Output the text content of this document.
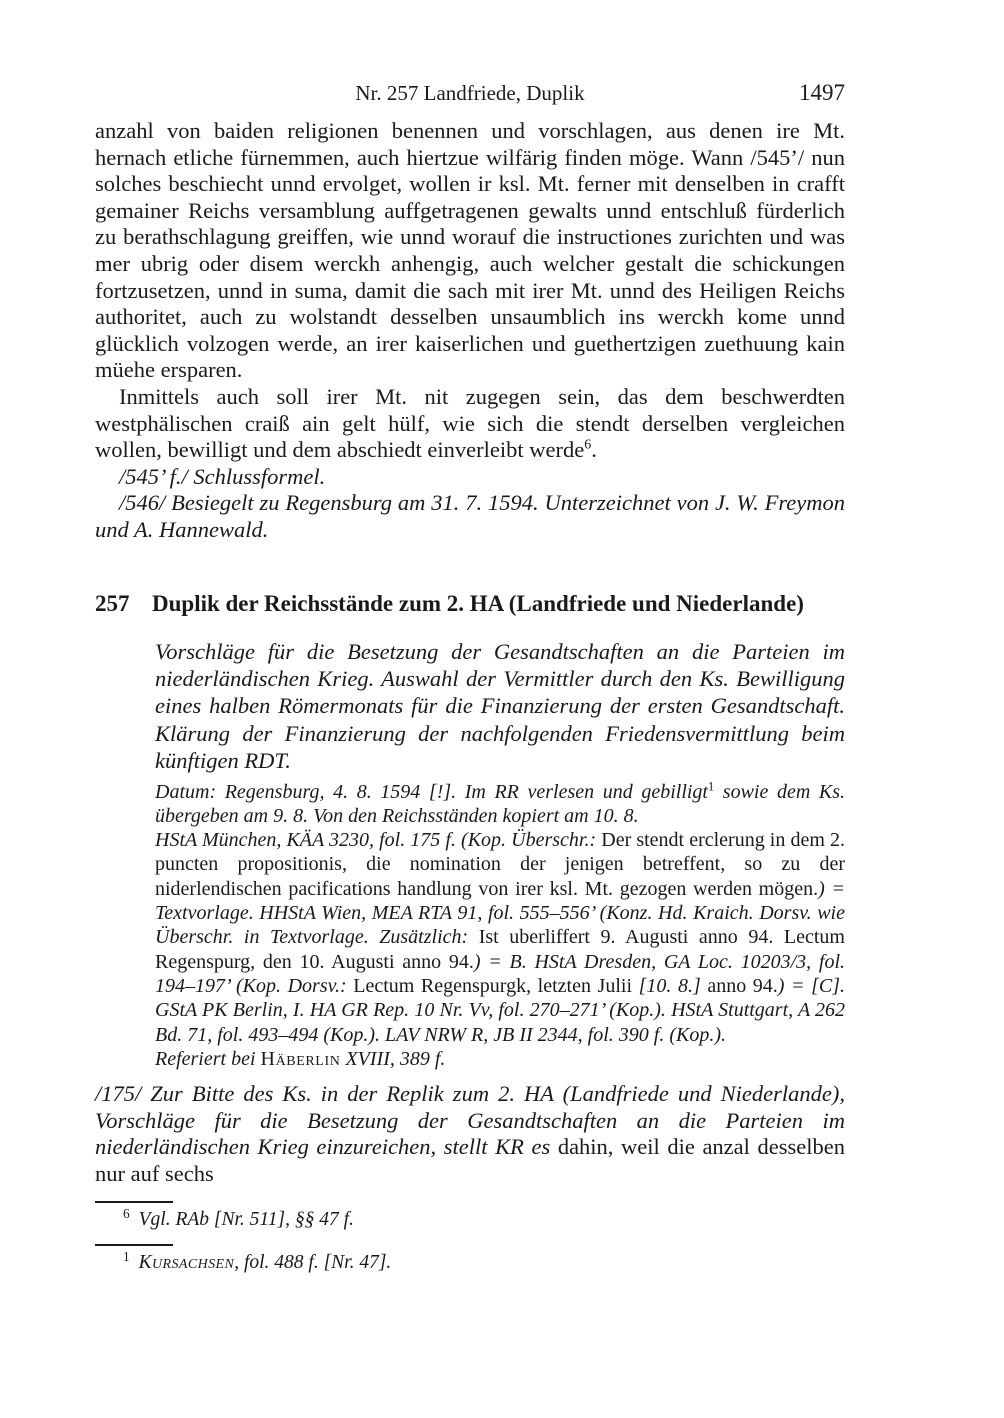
Nr. 257 Landfriede, Duplik	1497

anzahl von baiden religionen benennen und vorschlagen, aus denen ire Mt. hernach etliche fürnemmen, auch hiertzue wilfärig finden möge. Wann /545’/ nun solches beschiecht unnd ervolget, wollen ir ksl. Mt. ferner mit denselben in crafft gemainer Reichs versamblung auffgetragenen gewalts unnd entschluß fürderlich zu berathschlagung greiffen, wie unnd worauf die instructiones zurichten und was mer ubrig oder disem werckh anhengig, auch welcher gestalt die schickungen fortzusetzen, unnd in suma, damit die sach mit irer Mt. unnd des Heiligen Reichs authoritet, auch zu wolstandt desselben unsaumblich ins werckh kome unnd glücklich volzogen werde, an irer kaiserlichen und guethertzigen zuethuung kain müehe ersparen.

Inmittels auch soll irer Mt. nit zugegen sein, das dem beschwerdten westphälischen craiß ain gelt hülf, wie sich die stendt derselben vergleichen wollen, bewilligt und dem abschiedt einverleibt werde$^6$.

/545’ f./ Schlussformel.

/546/ Besiegelt zu Regensburg am 31. 7. 1594. Unterzeichnet von J. W. Freymon und A. Hannewald.

257 Duplik der Reichsstände zum 2. HA (Landfriede und Niederlande)

Vorschläge für die Besetzung der Gesandtschaften an die Parteien im niederländischen Krieg. Auswahl der Vermittler durch den Ks. Bewilligung eines halben Römermonats für die Finanzierung der ersten Gesandtschaft. Klärung der Finanzierung der nachfolgenden Friedensvermittlung beim künftigen RDT.

Datum: Regensburg, 4. 8. 1594 [!]. Im RR verlesen und gebilligt$^1$ sowie dem Ks. übergeben am 9. 8. Von den Reichsständen kopiert am 10. 8.

HStA München, KÄA 3230, fol. 175 f. (Kop. Überschr.: Der stendt erclerung in dem 2. puncten propositionis, die nomination der jenigen betreffent, so zu der niderlendischen pacifications handlung von irer ksl. Mt. gezogen werden mögen.) = Textvorlage. HHStA Wien, MEA RTA 91, fol. 555–556’ (Konz. Hd. Kraich. Dorsv. wie Überschr. in Textvorlage. Zusätzlich: Ist uberliffert 9. Augusti anno 94. Lectum Regenspurg, den 10. Augusti anno 94.) = B. HStA Dresden, GA Loc. 10203/3, fol. 194–197’ (Kop. Dorsv.: Lectum Regenspurgk, letzten Julii [10. 8.] anno 94.) = [C]. GStA PK Berlin, I. HA GR Rep. 10 Nr. Vv, fol. 270–271’ (Kop.). HStA Stuttgart, A 262 Bd. 71, fol. 493–494 (Kop.). LAV NRW R, JB II 2344, fol. 390 f. (Kop.).

Referiert bei Häberlin XVIII, 389 f.

/175/ Zur Bitte des Ks. in der Replik zum 2. HA (Landfriede und Niederlande), Vorschläge für die Besetzung der Gesandtschaften an die Parteien im niederländischen Krieg einzureichen, stellt KR es dahin, weil die anzal desselben nur auf sechs

$^6$ Vgl. RAb [Nr. 511], §§ 47 f.

$^1$ Kursachsen, fol. 488 f. [Nr. 47].
